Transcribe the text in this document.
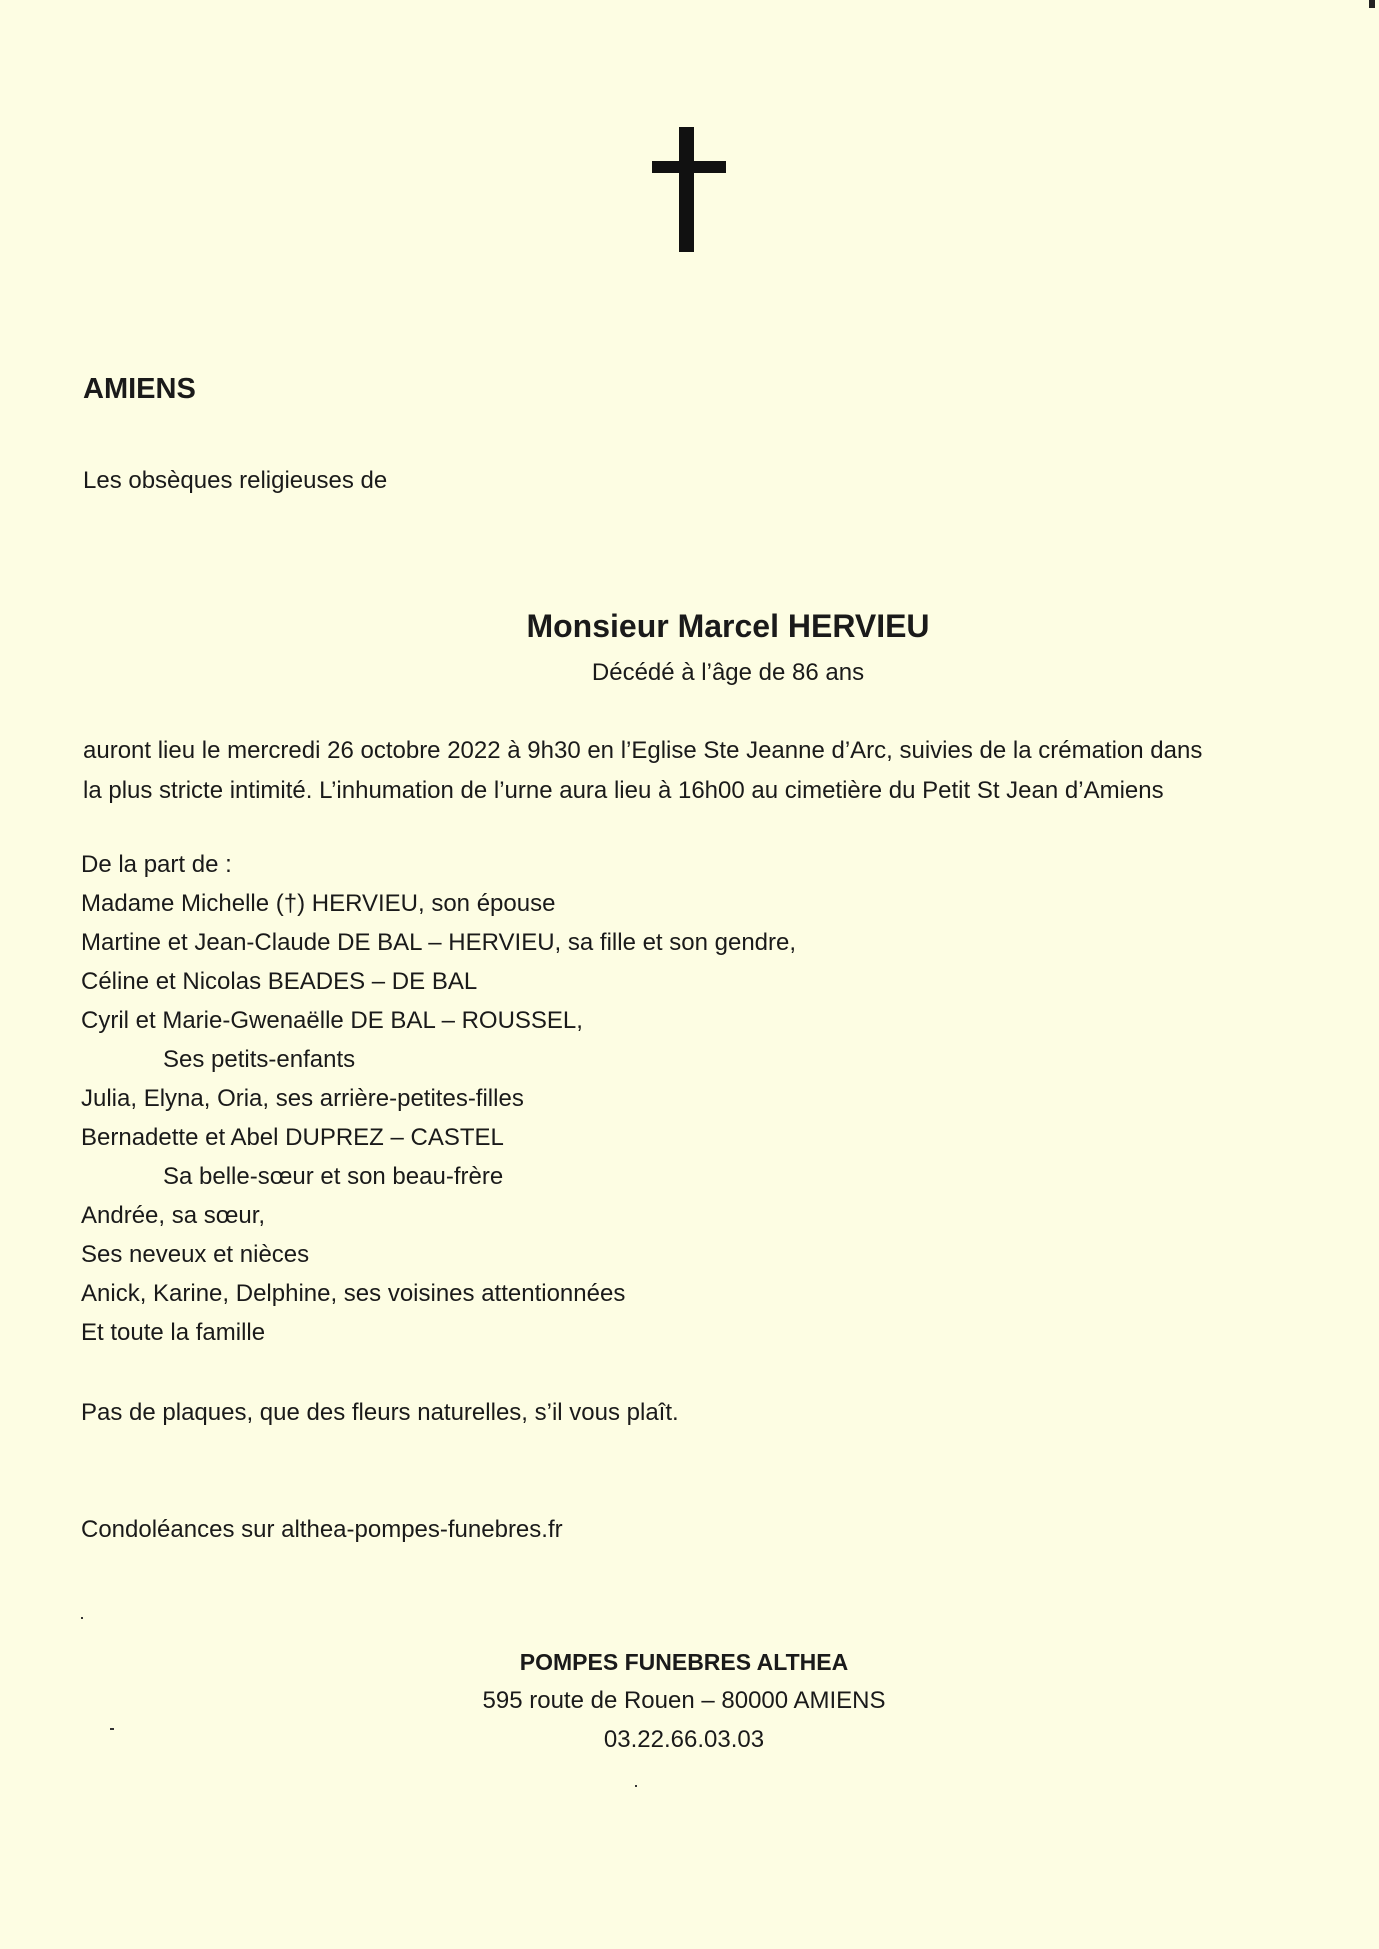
AMIENS
Les obsèques religieuses de
Monsieur Marcel HERVIEU
Décédé à l’âge de 86 ans
auront lieu le mercredi 26 octobre 2022 à 9h30 en l’Eglise Ste Jeanne d’Arc, suivies de la crémation dans
la plus stricte intimité. L’inhumation de l’urne aura lieu à 16h00 au cimetière du Petit St Jean d’Amiens
De la part de :
Madame Michelle (†) HERVIEU, son épouse
Martine et Jean-Claude DE BAL – HERVIEU, sa fille et son gendre,
Céline et Nicolas BEADES – DE BAL
Cyril et Marie-Gwenaëlle DE BAL – ROUSSEL,
Ses petits-enfants
Julia, Elyna, Oria, ses arrière-petites-filles
Bernadette et Abel DUPREZ – CASTEL
Sa belle-sœur et son beau-frère
Andrée, sa sœur,
Ses neveux et nièces
Anick, Karine, Delphine, ses voisines attentionnées
Et toute la famille
Pas de plaques, que des fleurs naturelles, s’il vous plaît.
Condoléances sur althea-pompes-funebres.fr
POMPES FUNEBRES ALTHEA
595 route de Rouen – 80000 AMIENS
03.22.66.03.03
